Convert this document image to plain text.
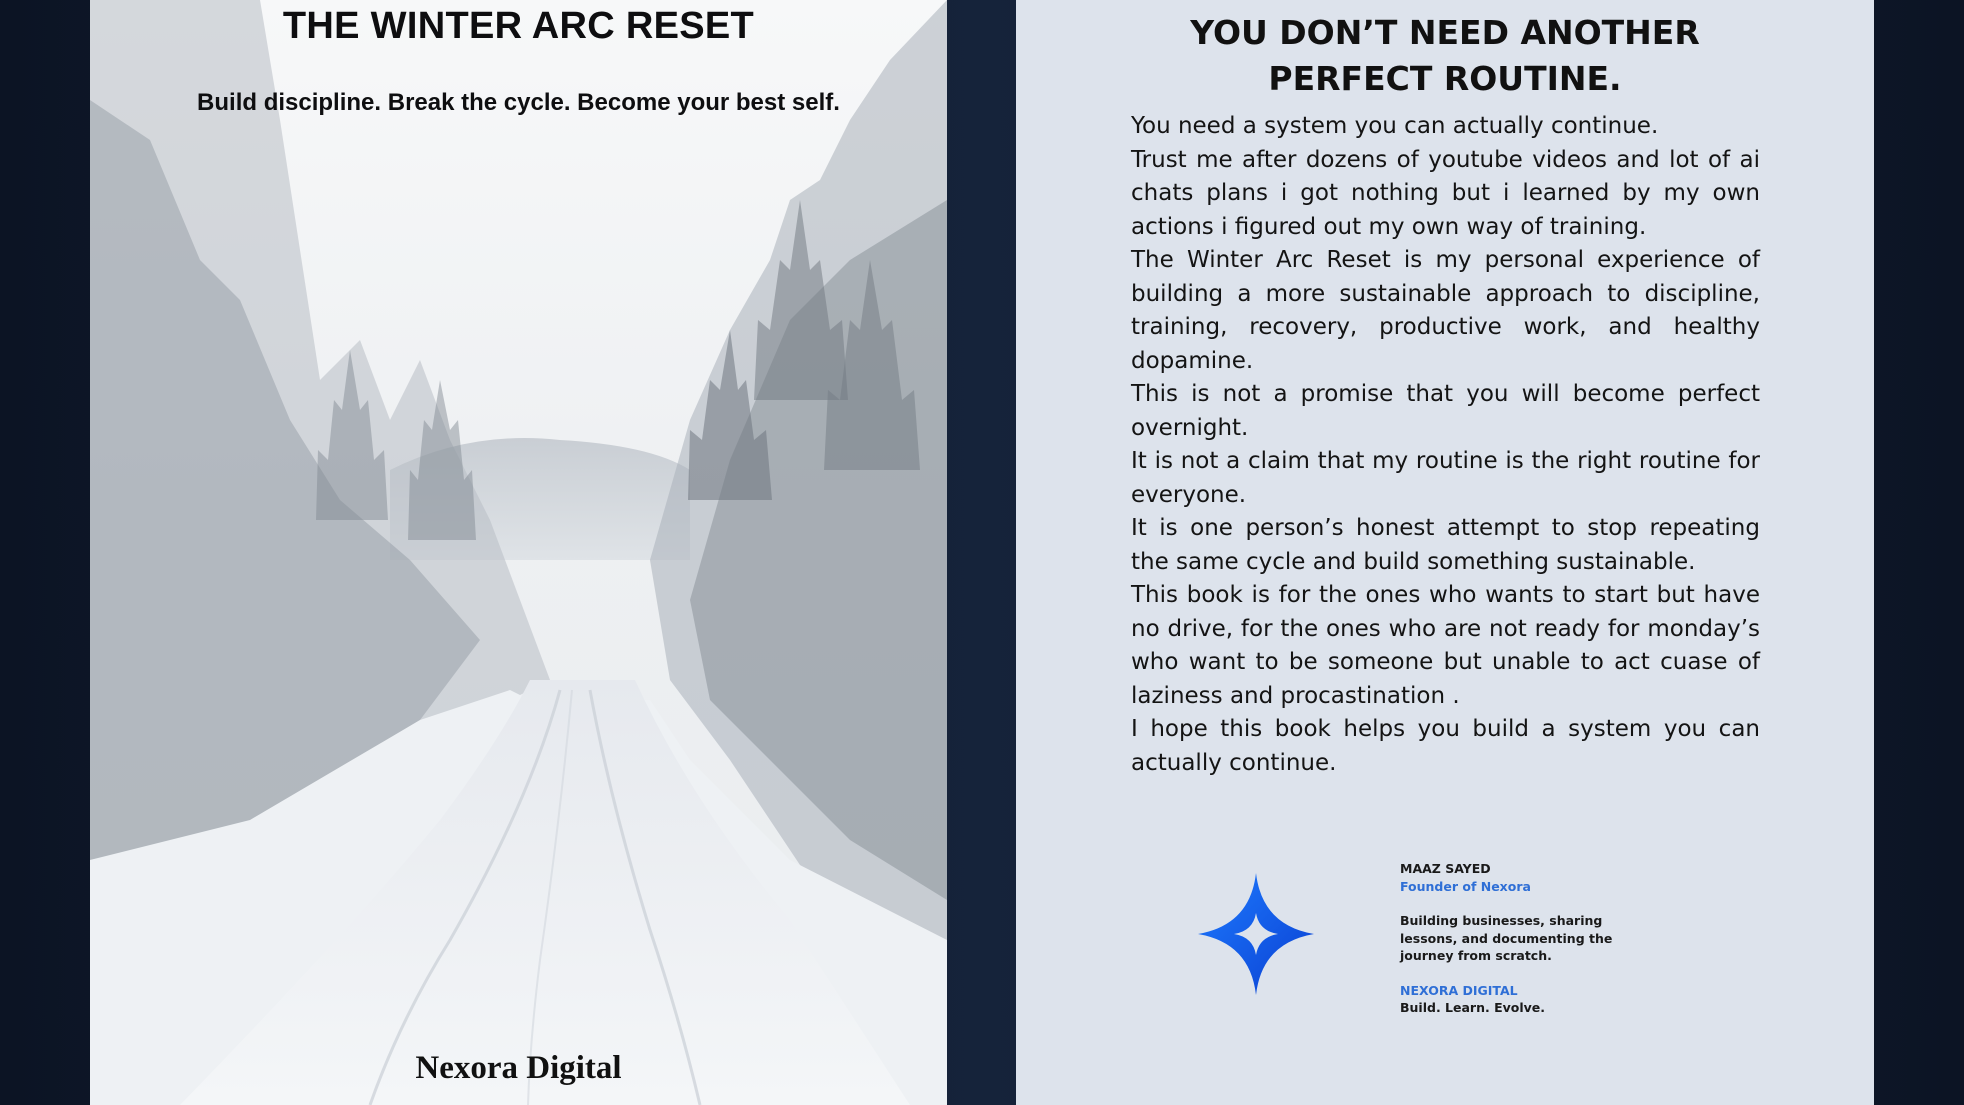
THE WINTER ARC RESET
Build discipline. Break the cycle. Become your best self.
Nexora Digital
YOU DON’T NEED ANOTHER
PERFECT ROUTINE.

You need a system you can actually continue.

Trust me after dozens of youtube videos and lot of ai chats plans i got nothing but i learned by my own actions i figured out my own way of training.

The Winter Arc Reset is my personal experience of building a more sustainable approach to discipline, training, recovery, productive work, and healthy dopamine.

This is not a promise that you will become perfect overnight.

It is not a claim that my routine is the right routine for everyone.

It is one person’s honest attempt to stop repeating the same cycle and build something sustainable.

This book is for the ones who wants to start but have no drive, for the ones who are not ready for monday’s who want to be someone but unable to act cuase of laziness and procastination .

I hope this book helps you build a system you can actually continue.

MAAZ SAYED
Founder of Nexora
Building businesses, sharing lessons, and documenting the journey from scratch.
NEXORA DIGITAL
Build. Learn. Evolve.
